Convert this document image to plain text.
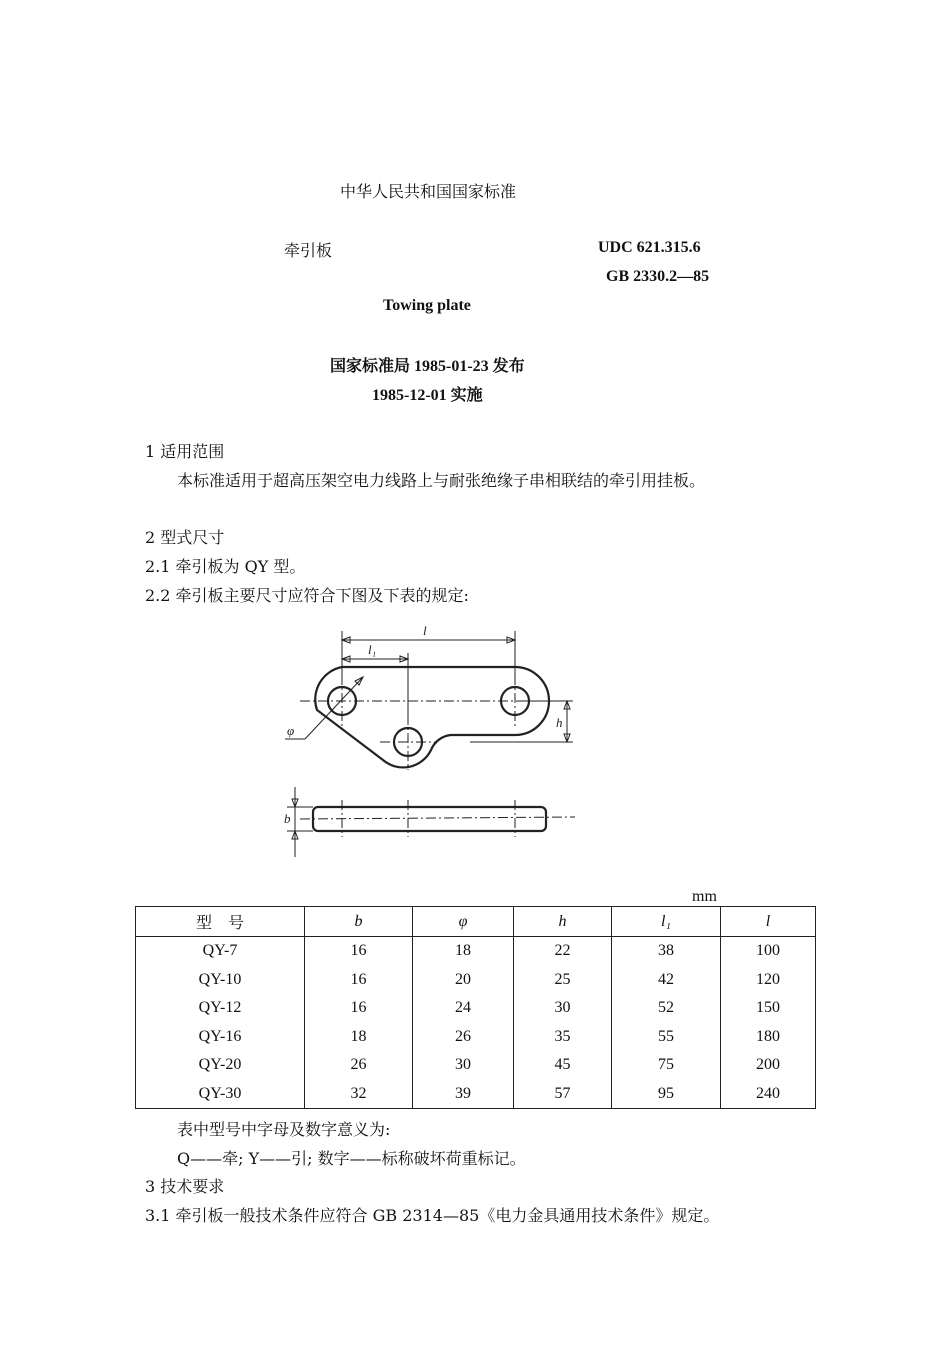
中华人民共和国国家标准
牵引板	UDC 621.315.6
GB 2330.2—85
Towing plate
国家标准局 1985-01-23 发布
1985-12-01 实施
1 适用范围
本标准适用于超高压架空电力线路上与耐张绝缘子串相联结的牵引用挂板。
2 型式尺寸
2.1 牵引板为 QY 型。
2.2 牵引板主要尺寸应符合下图及下表的规定:
l
l₁
h
φ
b
mm
型　号	b	φ	h	l₁	l
QY-7	16	18	22	38	100
QY-10	16	20	25	42	120
QY-12	16	24	30	52	150
QY-16	18	26	35	55	180
QY-20	26	30	45	75	200
QY-30	32	39	57	95	240
表中型号中字母及数字意义为:
Q——牵; Y——引; 数字——标称破坏荷重标记。
3 技术要求
3.1 牵引板一般技术条件应符合 GB 2314—85《电力金具通用技术条件》规定。
